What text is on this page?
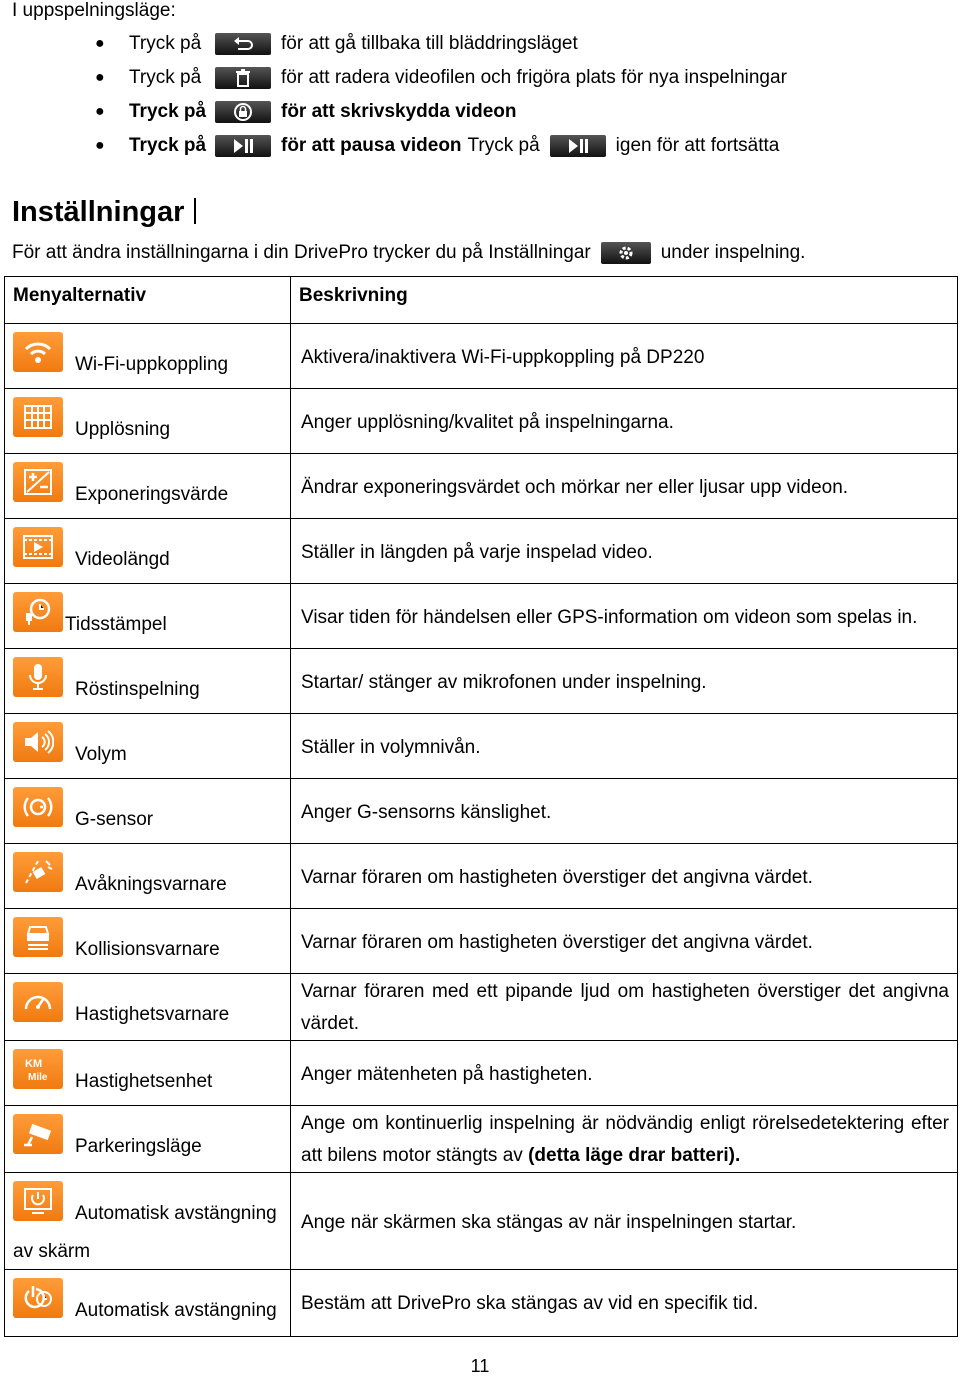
I uppspelningsläge:
●	Tryck på	för att gå tillbaka till bläddringsläget
●	Tryck på	för att radera videofilen och frigöra plats för nya inspelningar
●	Tryck på	för att skrivskydda videon
●	Tryck på	för att pausa videon Tryck på	igen för att fortsätta
Inställningar
För att ändra inställningarna i din DrivePro trycker du på Inställningar	under inspelning.
Menyalternativ	Beskrivning

Wi-Fi-uppkoppling	Aktivera/inaktivera Wi-Fi-uppkoppling på DP220

Upplösning	Anger upplösning/kvalitet på inspelningarna.

Exponeringsvärde	Ändrar exponeringsvärdet och mörkar ner eller ljusar upp videon.

Videolängd	Ställer in längden på varje inspelad video.

Tidsstämpel	Visar tiden för händelsen eller GPS-information om videon som spelas in.

Röstinspelning	Startar/ stänger av mikrofonen under inspelning.

Volym	Ställer in volymnivån.

G-sensor	Anger G-sensorns känslighet.

Avåkningsvarnare	Varnar föraren om hastigheten överstiger det angivna värdet.

Kollisionsvarnare	Varnar föraren om hastigheten överstiger det angivna värdet.

Hastighetsvarnare	Varnar föraren med ett pipande ljud om hastigheten överstiger det angivna värdet.

KM
Mile Hastighetsenhet	Anger mätenheten på hastigheten.

Parkeringsläge	Ange om kontinuerlig inspelning är nödvändig enligt rörelsedetektering efter att bilens motor stängts av (detta läge drar batteri).

Automatisk avstängning
av skärm	Ange när skärmen ska stängas av när inspelningen startar.

Automatisk avstängning	Bestäm att DrivePro ska stängas av vid en specifik tid.
11
